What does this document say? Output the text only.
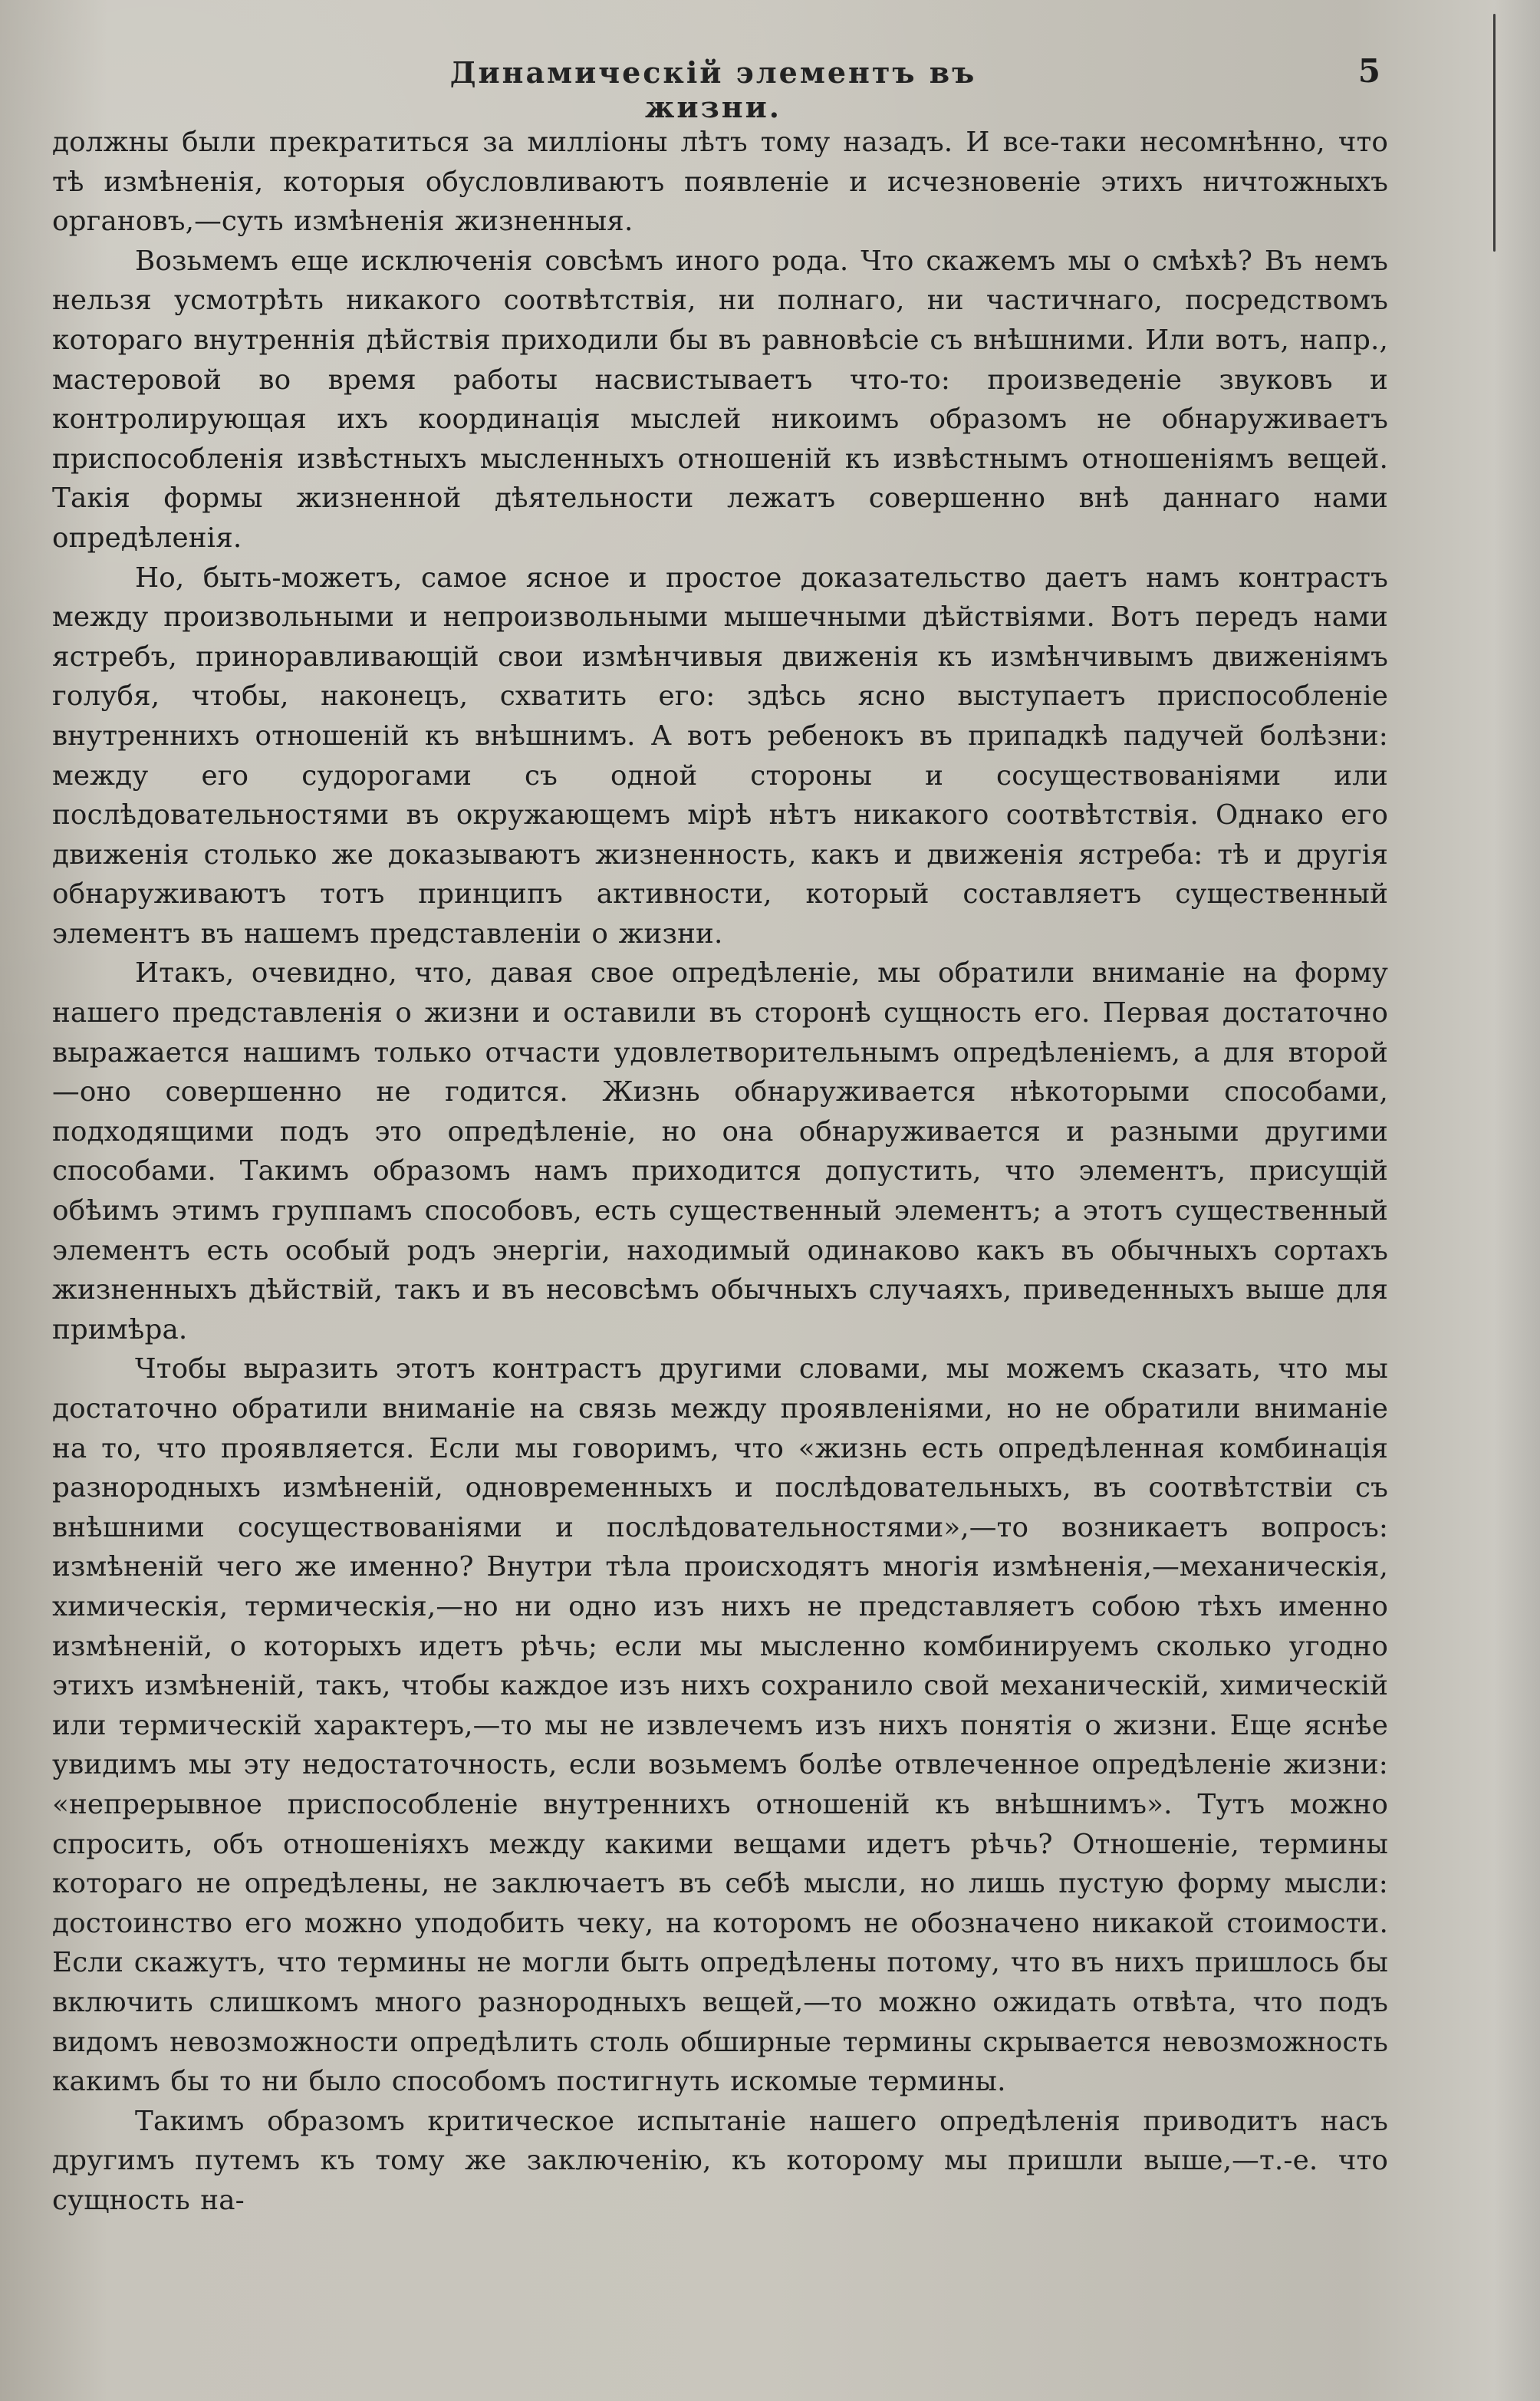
Динамическій элементъ въ жизни.
5

должны были прекратиться за милліоны лѣтъ тому назадъ. И все-таки несомнѣнно, что тѣ измѣненія, которыя обусловливаютъ появленіе и исчезновеніе этихъ ничтожныхъ органовъ,—суть измѣненія жизненныя.

Возьмемъ еще исключенія совсѣмъ иного рода. Что скажемъ мы о смѣхѣ? Въ немъ нельзя усмотрѣть никакого соотвѣтствія, ни полнаго, ни частичнаго, посредствомъ котораго внутреннія дѣйствія приходили бы въ равновѣсіе съ внѣшними. Или вотъ, напр., мастеровой во время работы насвистываетъ что-то: произведеніе звуковъ и контролирующая ихъ координація мыслей никоимъ образомъ не обнаруживаетъ приспособленія извѣстныхъ мысленныхъ отношеній къ извѣстнымъ отношеніямъ вещей. Такія формы жизненной дѣятельности лежатъ совершенно внѣ даннаго нами опредѣленія.

Но, быть-можетъ, самое ясное и простое доказательство даетъ намъ контрастъ между произвольными и непроизвольными мышечными дѣйствіями. Вотъ передъ нами ястребъ, приноравливающій свои измѣнчивыя движенія къ измѣнчивымъ движеніямъ голубя, чтобы, наконецъ, схватить его: здѣсь ясно выступаетъ приспособленіе внутреннихъ отношеній къ внѣшнимъ. А вотъ ребенокъ въ припадкѣ падучей болѣзни: между его судорогами съ одной стороны и сосуществованіями или послѣдовательностями въ окружающемъ мірѣ нѣтъ никакого соотвѣтствія. Однако его движенія столько же доказываютъ жизненность, какъ и движенія ястреба: тѣ и другія обнаруживаютъ тотъ принципъ активности, который составляетъ существенный элементъ въ нашемъ представленіи о жизни.

Итакъ, очевидно, что, давая свое опредѣленіе, мы обратили вниманіе на форму нашего представленія о жизни и оставили въ сторонѣ сущность его. Первая достаточно выражается нашимъ только отчасти удовлетворительнымъ опредѣленіемъ, а для второй—оно совершенно не годится. Жизнь обнаруживается нѣкоторыми способами, подходящими подъ это опредѣленіе, но она обнаруживается и разными другими способами. Такимъ образомъ намъ приходится допустить, что элементъ, присущій обѣимъ этимъ группамъ способовъ, есть существенный элементъ; а этотъ существенный элементъ есть особый родъ энергіи, находимый одинаково какъ въ обычныхъ сортахъ жизненныхъ дѣйствій, такъ и въ несовсѣмъ обычныхъ случаяхъ, приведенныхъ выше для примѣра.

Чтобы выразить этотъ контрастъ другими словами, мы можемъ сказать, что мы достаточно обратили вниманіе на связь между проявленіями, но не обратили вниманіе на то, что проявляется. Если мы говоримъ, что «жизнь есть опредѣленная комбинація разнородныхъ измѣненій, одновременныхъ и послѣдовательныхъ, въ соотвѣтствіи съ внѣшними сосуществованіями и послѣдовательностями»,—то возникаетъ вопросъ: измѣненій чего же именно? Внутри тѣла происходятъ многія измѣненія,—механическія, химическія, термическія,—но ни одно изъ нихъ не представляетъ собою тѣхъ именно измѣненій, о которыхъ идетъ рѣчь; если мы мысленно комбинируемъ сколько угодно этихъ измѣненій, такъ, чтобы каждое изъ нихъ сохранило свой механическій, химическій или термическій характеръ,—то мы не извлечемъ изъ нихъ понятія о жизни. Еще яснѣе увидимъ мы эту недостаточность, если возьмемъ болѣе отвлеченное опредѣленіе жизни: «непрерывное приспособленіе внутреннихъ отношеній къ внѣшнимъ». Тутъ можно спросить, объ отношеніяхъ между какими вещами идетъ рѣчь? Отношеніе, термины котораго не опредѣлены, не заключаетъ въ себѣ мысли, но лишь пустую форму мысли: достоинство его можно уподобить чеку, на которомъ не обозначено никакой стоимости. Если скажутъ, что термины не могли быть опредѣлены потому, что въ нихъ пришлось бы включить слишкомъ много разнородныхъ вещей,—то можно ожидать отвѣта, что подъ видомъ невозможности опредѣлить столь обширные термины скрывается невозможность какимъ бы то ни было способомъ постигнуть искомые термины.

Такимъ образомъ критическое испытаніе нашего опредѣленія приводитъ насъ другимъ путемъ къ тому же заключенію, къ которому мы пришли выше,—т.-е. что сущность на-
